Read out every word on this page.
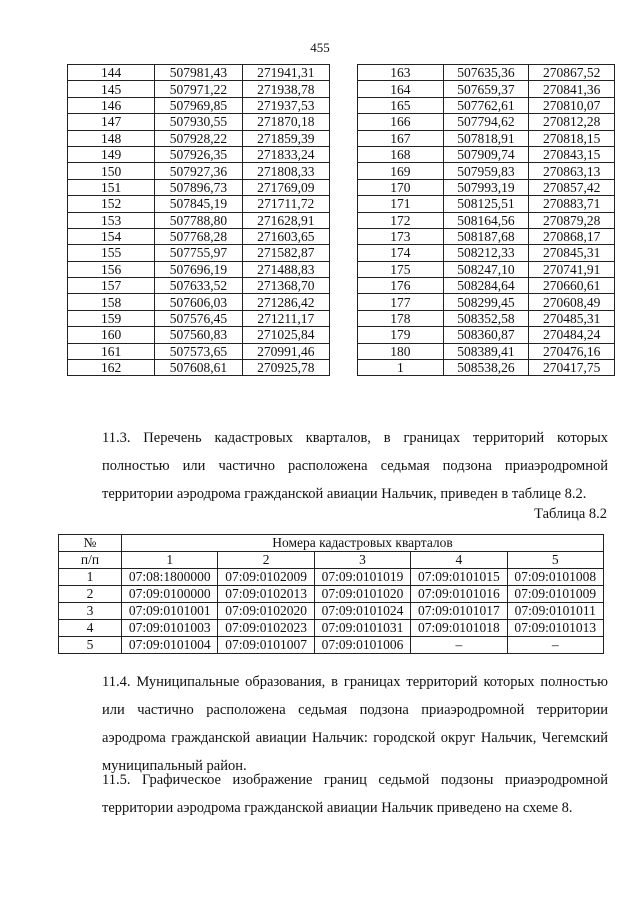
455
144	507981,43	271941,31
145	507971,22	271938,78
146	507969,85	271937,53
147	507930,55	271870,18
148	507928,22	271859,39
149	507926,35	271833,24
150	507927,36	271808,33
151	507896,73	271769,09
152	507845,19	271711,72
153	507788,80	271628,91
154	507768,28	271603,65
155	507755,97	271582,87
156	507696,19	271488,83
157	507633,52	271368,70
158	507606,03	271286,42
159	507576,45	271211,17
160	507560,83	271025,84
161	507573,65	270991,46
162	507608,61	270925,78
163	507635,36	270867,52
164	507659,37	270841,36
165	507762,61	270810,07
166	507794,62	270812,28
167	507818,91	270818,15
168	507909,74	270843,15
169	507959,83	270863,13
170	507993,19	270857,42
171	508125,51	270883,71
172	508164,56	270879,28
173	508187,68	270868,17
174	508212,33	270845,31
175	508247,10	270741,91
176	508284,64	270660,61
177	508299,45	270608,49
178	508352,58	270485,31
179	508360,87	270484,24
180	508389,41	270476,16
1	508538,26	270417,75
11.3. Перечень кадастровых кварталов, в границах территорий которых полностью или частично расположена седьмая подзона приаэродромной территории аэродрома гражданской авиации Нальчик, приведен в таблице 8.2.
Таблица 8.2
№	Номера кадастровых кварталов				
п/п	1	2	3	4	5
1	07:08:1800000	07:09:0102009	07:09:0101019	07:09:0101015	07:09:0101008
2	07:09:0100000	07:09:0102013	07:09:0101020	07:09:0101016	07:09:0101009
3	07:09:0101001	07:09:0102020	07:09:0101024	07:09:0101017	07:09:0101011
4	07:09:0101003	07:09:0102023	07:09:0101031	07:09:0101018	07:09:0101013
5	07:09:0101004	07:09:0101007	07:09:0101006	–	–
11.4. Муниципальные образования, в границах территорий которых полностью или частично расположена седьмая подзона приаэродромной территории аэродрома гражданской авиации Нальчик: городской округ Нальчик, Чегемский муниципальный район.
11.5. Графическое изображение границ седьмой подзоны приаэродромной территории аэродрома гражданской авиации Нальчик приведено на схеме 8.
